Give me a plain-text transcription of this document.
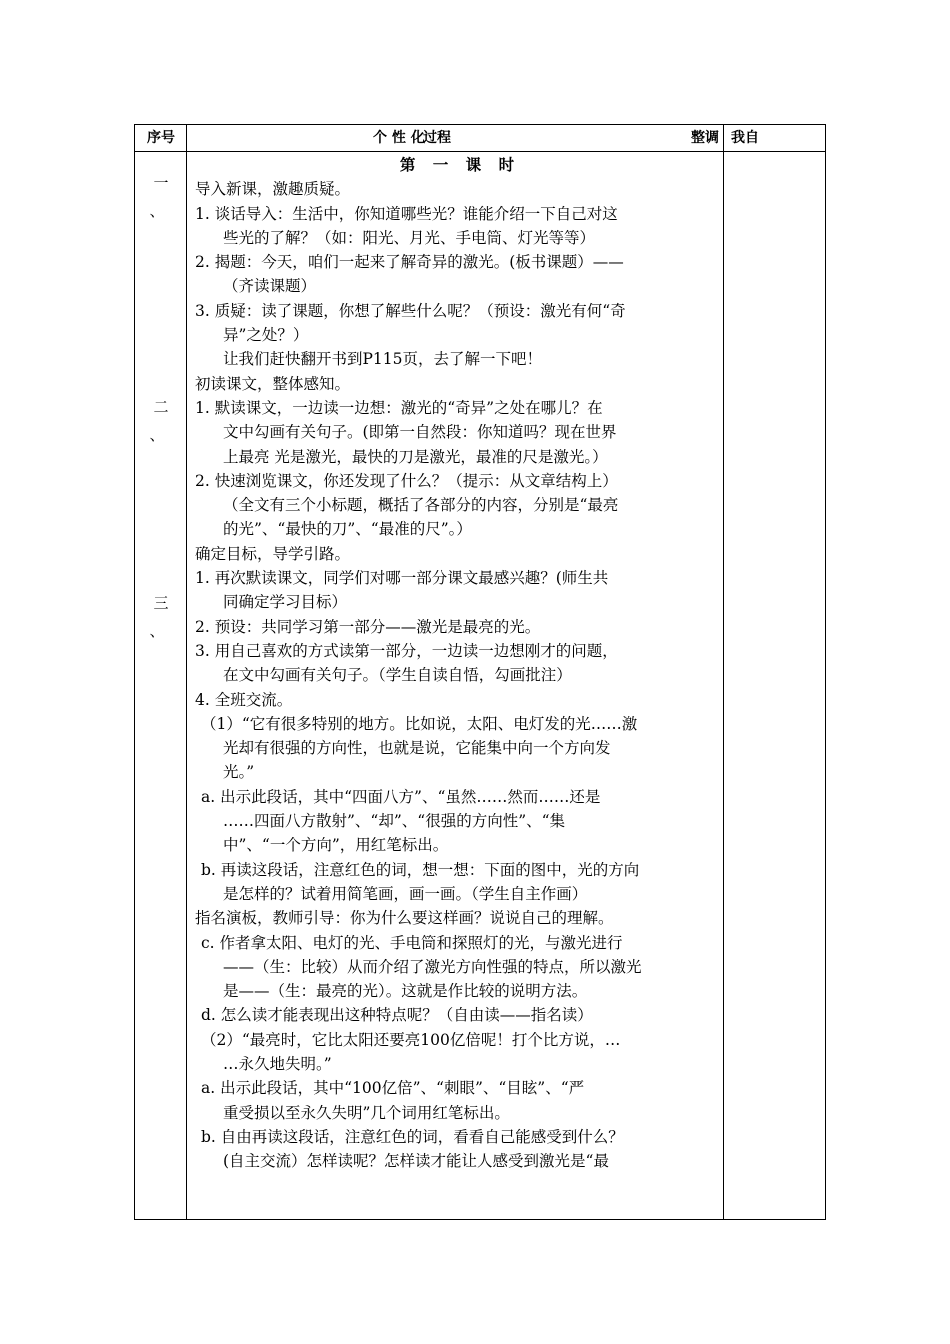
序号	个 性 化
过程	整调 我自
一
、
二
、
三
、
第 一 课 时
导入新课，激趣质疑。
1. 谈话导入：生活中，你知道哪些光？谁能介绍一下自己对这
些光的了解？（如：阳光、月光、手电筒、灯光等等）
2. 揭题：今天，咱们一起来了解奇异的激光。(板书课题）——
（齐读课题）
3. 质疑：读了课题，你想了解些什么呢？（预设：激光有何“奇
异”之处？）
让我们赶快翻开书到P115页，去了解一下吧！
初读课文，整体感知。
1. 默读课文，一边读一边想：激光的“奇异”之处在哪儿？在
文中勾画有关句子。(即第一自然段：你知道吗？现在世界
上最亮 光是激光，最快的刀是激光，最准的尺是激光。）
2. 快速浏览课文，你还发现了什么？（提示：从文章结构上）
（全文有三个小标题，概括了各部分的内容，分别是“最亮
的光”、“最快的刀”、“最准的尺”。）
确定目标，导学引路。
1. 再次默读课文，同学们对哪一部分课文最感兴趣？(师生共
同确定学习目标）
2. 预设：共同学习第一部分——激光是最亮的光。
3. 用自己喜欢的方式读第一部分，一边读一边想刚才的问题，
在文中勾画有关句子。（学生自读自悟，勾画批注）
4. 全班交流。
（1）“它有很多特别的地方。比如说，太阳、电灯发的光……激
光却有很强的方向性，也就是说，它能集中向一个方向发
光。”
a. 出示此段话，其中“四面八方”、“虽然……然而……还是
……四面八方散射”、“却”、“很强的方向性”、“集
中”、“一个方向”，用红笔标出。
b. 再读这段话，注意红色的词，想一想：下面的图中，光的方向
是怎样的？试着用简笔画，画一画。（学生自主作画）
指名演板，教师引导：你为什么要这样画？说说自己的理解。
c. 作者拿太阳、电灯的光、手电筒和探照灯的光，与激光进行
——（生：比较）从而介绍了激光方向性强的特点，所以激光
是——（生：最亮的光）。这就是作比较的说明方法。
d. 怎么读才能表现出这种特点呢？（自由读——指名读）
（2）“最亮时，它比太阳还要亮100亿倍呢！打个比方说，…
…永久地失明。”
a. 出示此段话，其中“100亿倍”、“刺眼”、“目眩”、“严
重受损以至永久失明”几个词用红笔标出。
b. 自由再读这段话，注意红色的词，看看自己能感受到什么？
(自主交流）怎样读呢？怎样读才能让人感受到激光是“最
